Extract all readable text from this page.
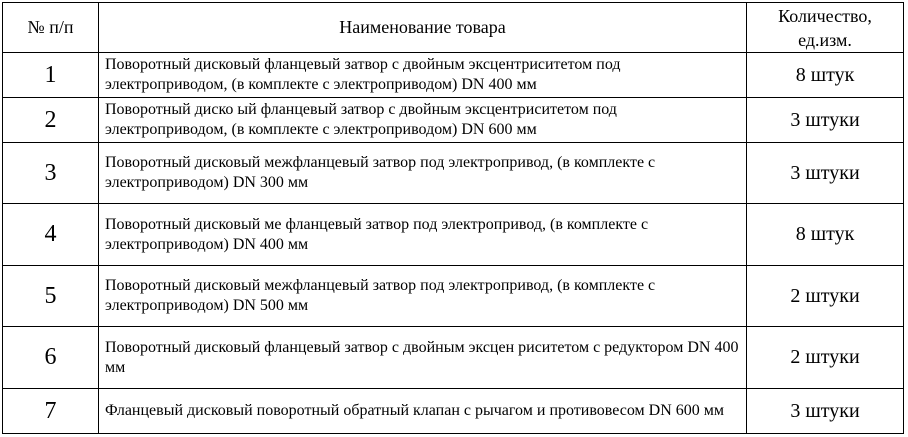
№ п/п	Наименование товара	Количество,
ед.изм.

1	Поворотный дисковый фланцевый затвор с двойным эксцентриситетом под электроприводом, (в комплекте с электроприводом) DN 400 мм	8 штук
2	Поворотный диско ый фланцевый затвор с двойным эксцентриситетом под электроприводом, (в комплекте с электроприводом) DN 600 мм	3 штуки
3	Поворотный дисковый межфланцевый затвор под электропривод, (в комплекте с электроприводом) DN 300 мм	3 штуки
4	Поворотный дисковый ме фланцевый затвор под электропривод, (в комплекте с электроприводом) DN 400 мм	8 штук
5	Поворотный дисковый межфланцевый затвор под электропривод, (в комплекте с электроприводом) DN 500 мм	2 штуки
6	Поворотный дисковый фланцевый затвор с двойным эксцен риситетом с редуктором DN 400 мм	2 штуки
7	Фланцевый дисковый поворотный обратный клапан с рычагом и противовесом DN 600 мм	3 штуки
